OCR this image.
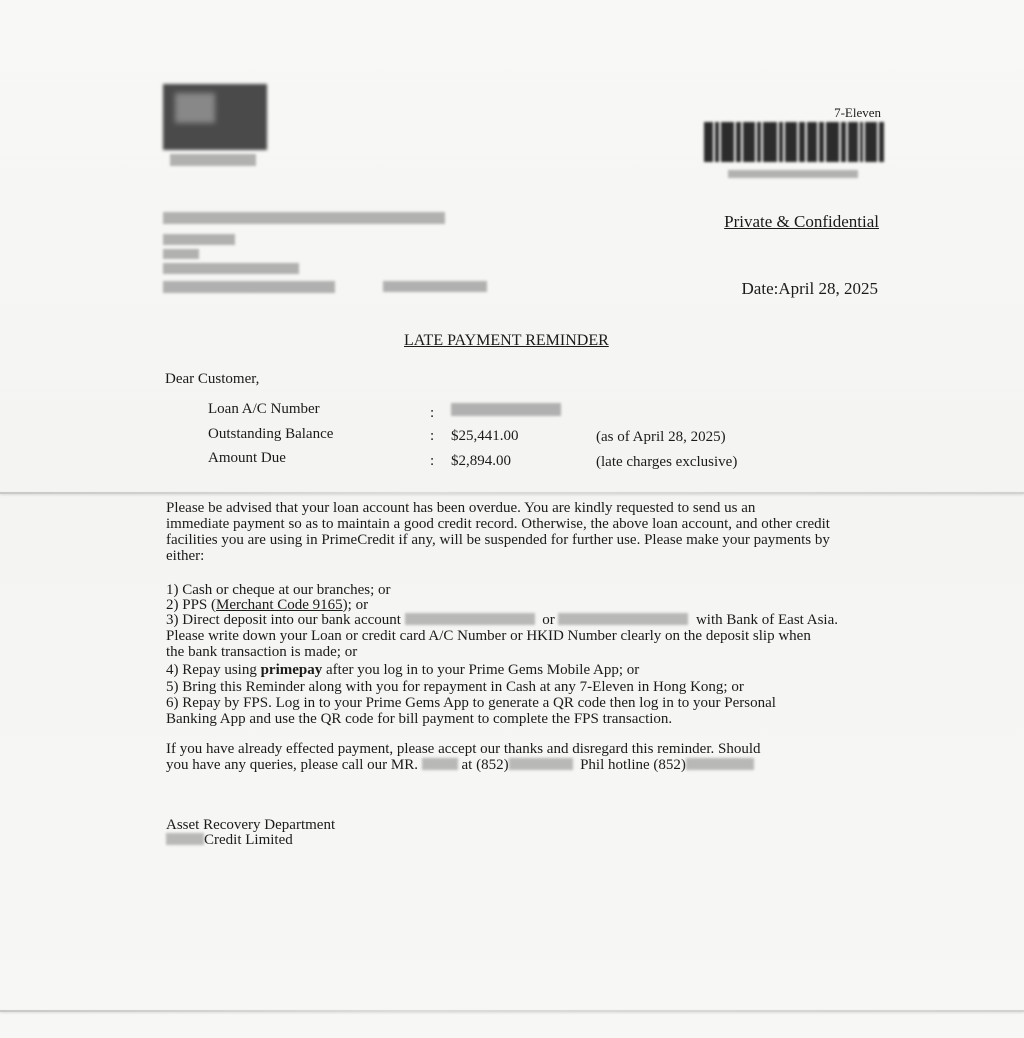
7-Eleven
Private & Confidential
Date:April 28, 2025
LATE PAYMENT REMINDER
Dear Customer,
Loan A/C Number	:
Outstanding Balance	: $25,441.00	(as of April 28, 2025)
Amount Due	: $2,894.00	(late charges exclusive)
Please be advised that your loan account has been overdue. You are kindly requested to send us an
immediate payment so as to maintain a good credit record. Otherwise, the above loan account, and other credit
facilities you are using in PrimeCredit if any, will be suspended for further use. Please make your payments by
either:
1) Cash or cheque at our branches; or
2) PPS (Merchant Code 9165); or
3) Direct deposit into our bank account	or	with Bank of East Asia.
Please write down your Loan or credit card A/C Number or HKID Number clearly on the deposit slip when
the bank transaction is made; or
4) Repay using primepay after you log in to your Prime Gems Mobile App; or
5) Bring this Reminder along with you for repayment in Cash at any 7-Eleven in Hong Kong; or
6) Repay by FPS. Log in to your Prime Gems App to generate a QR code then log in to your Personal
Banking App and use the QR code for bill payment to complete the FPS transaction.
If you have already effected payment, please accept our thanks and disregard this reminder. Should
you have any queries, please call our MR.	at (852)	Phil hotline (852)
Asset Recovery Department
Credit Limited
